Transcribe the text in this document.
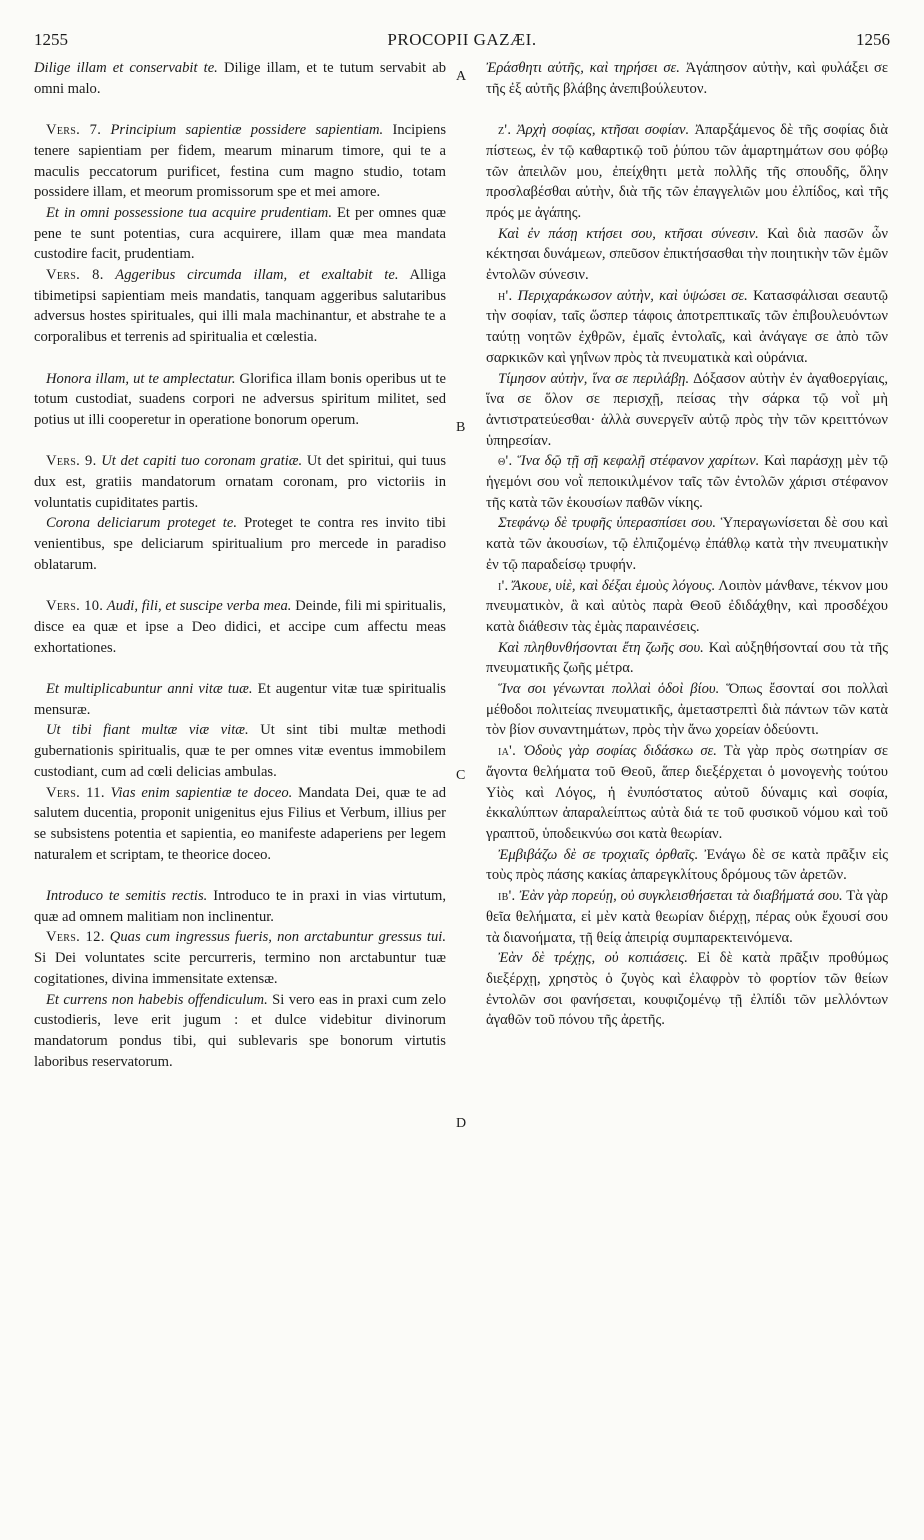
1255	PROCOPII GAZÆI.	1256
A
B
C
D

Dilige illam et conservabit te. Dilige illam, et te tutum servabit ab omni malo.

Vers. 7. Principium sapientiæ possidere sapientiam. Incipiens tenere sapientiam per fidem, mearum minarum timore, qui te a maculis peccatorum purificet, festina cum magno studio, totam possidere illam, et meorum promissorum spe et mei amore.

Et in omni possessione tua acquire prudentiam. Et per omnes quæ pene te sunt potentias, cura acquirere, illam quæ mea mandata custodire facit, prudentiam.

Vers. 8. Aggeribus circumda illam, et exaltabit te. Alliga tibimetipsi sapientiam meis mandatis, tanquam aggeribus salutaribus adversus hostes spirituales, qui illi mala machinantur, et abstrahe te a corporalibus et terrenis ad spiritualia et cœlestia.

Honora illam, ut te amplectatur. Glorifica illam bonis operibus ut te totum custodiat, suadens corpori ne adversus spiritum militet, sed potius ut illi cooperetur in operatione bonorum operum.

Vers. 9. Ut det capiti tuo coronam gratiæ. Ut det spiritui, qui tuus dux est, gratiis mandatorum ornatam coronam, pro victoriis in voluntatis cupiditates partis.

Corona deliciarum proteget te. Proteget te contra res invito tibi venientibus, spe deliciarum spiritualium pro mercede in paradiso oblatarum.

Vers. 10. Audi, fili, et suscipe verba mea. Deinde, fili mi spiritualis, disce ea quæ et ipse a Deo didici, et accipe cum affectu meas exhortationes.

Et multiplicabuntur anni vitæ tuæ. Et augentur vitæ tuæ spiritualis mensuræ.

Ut tibi fiant multæ viæ vitæ. Ut sint tibi multæ methodi gubernationis spiritualis, quæ te per omnes vitæ eventus immobilem custodiant, cum ad cœli delicias ambulas.

Vers. 11. Vias enim sapientiæ te doceo. Mandata Dei, quæ te ad salutem ducentia, proponit unigenitus ejus Filius et Verbum, illius per se subsistens potentia et sapientia, eo manifeste adaperiens per legem naturalem et scriptam, te theorice doceo.

Introduco te semitis rectis. Introduco te in praxi in vias virtutum, quæ ad omnem malitiam non inclinentur.

Vers. 12. Quas cum ingressus fueris, non arctabuntur gressus tui. Si Dei voluntates scite percurreris, termino non arctabuntur tuæ cogitationes, divina immensitate extensæ.

Et currens non habebis offendiculum. Si vero eas in praxi cum zelo custodieris, leve erit jugum : et dulce videbitur divinorum mandatorum pondus tibi, qui sublevaris spe bonorum virtutis laboribus reservatorum.

Ἐράσθητι αὐτῆς, καὶ τηρήσει σε. Ἀγάπησον αὐτὴν, καὶ φυλάξει σε τῆς ἐξ αὐτῆς βλάβης ἀνεπιβούλευτον.

ζ'. Ἀρχὴ σοφίας, κτῆσαι σοφίαν. Ἀπαρξάμενος δὲ τῆς σοφίας διὰ πίστεως, ἐν τῷ καθαρτικῷ τοῦ ῥύπου τῶν ἁμαρτημάτων σου φόβῳ τῶν ἀπειλῶν μου, ἐπείχθητι μετὰ πολλῆς τῆς σπουδῆς, ὅλην προσλαβέσθαι αὐτὴν, διὰ τῆς τῶν ἐπαγγελιῶν μου ἐλπίδος, καὶ τῆς πρός με ἀγάπης.

Καὶ ἐν πάσῃ κτήσει σου, κτῆσαι σύνεσιν. Καὶ διὰ πασῶν ὧν κέκτησαι δυνάμεων, σπεῦσον ἐπικτήσασθαι τὴν ποιητικὴν τῶν ἐμῶν ἐντολῶν σύνεσιν.

η'. Περιχαράκωσον αὐτὴν, καὶ ὑψώσει σε. Κατασφάλισαι σεαυτῷ τὴν σοφίαν, ταῖς ὥσπερ τάφοις ἀποτρεπτικαῖς τῶν ἐπιβουλευόντων ταύτῃ νοητῶν ἐχθρῶν, ἐμαῖς ἐντολαῖς, καὶ ἀνάγαγε σε ἀπὸ τῶν σαρκικῶν καὶ γηΐνων πρὸς τὰ πνευματικὰ καὶ οὐράνια.

Τίμησον αὐτὴν, ἵνα σε περιλάβῃ. Δόξασον αὐτὴν ἐν ἀγαθοεργίαις, ἵνα σε ὅλον σε περισχῇ, πείσας τὴν σάρκα τῷ νοῒ μὴ ἀντιστρατεύεσθαι· ἀλλὰ συνεργεῖν αὐτῷ πρὸς τὴν τῶν κρειττόνων ὑπηρεσίαν.

θ'. Ἵνα δῷ τῇ σῇ κεφαλῇ στέφανον χαρίτων. Καὶ παράσχῃ μὲν τῷ ἡγεμόνι σου νοῒ πεποικιλμένον ταῖς τῶν ἐντολῶν χάρισι στέφανον τῆς κατὰ τῶν ἑκουσίων παθῶν νίκης.

Στεφάνῳ δὲ τρυφῆς ὑπερασπίσει σου. Ὑπεραγωνίσεται δὲ σου καὶ κατὰ τῶν ἀκουσίων, τῷ ἐλπιζομένῳ ἐπάθλῳ κατὰ τὴν πνευματικὴν ἐν τῷ παραδείσῳ τρυφήν.

ι'. Ἄκουε, υἱὲ, καὶ δέξαι ἐμοὺς λόγους. Λοιπὸν μάνθανε, τέκνον μου πνευματικὸν, ἃ καὶ αὐτὸς παρὰ Θεοῦ ἐδιδάχθην, καὶ προσδέχου κατὰ διάθεσιν τὰς ἐμὰς παραινέσεις.

Καὶ πληθυνθήσονται ἔτη ζωῆς σου. Καὶ αὐξηθήσονταί σου τὰ τῆς πνευματικῆς ζωῆς μέτρα.

Ἵνα σοι γένωνται πολλαὶ ὁδοὶ βίου. Ὅπως ἔσονταί σοι πολλαὶ μέθοδοι πολιτείας πνευματικῆς, ἀμεταστρεπτὶ διὰ πάντων τῶν κατὰ τὸν βίον συναντημάτων, πρὸς τὴν ἄνω χορείαν ὁδεύοντι.

ια'. Ὁδοὺς γὰρ σοφίας διδάσκω σε. Τὰ γὰρ πρὸς σωτηρίαν σε ἄγοντα θελήματα τοῦ Θεοῦ, ἅπερ διεξέρχεται ὁ μονογενὴς τούτου Υἱὸς καὶ Λόγος, ἡ ἐνυπόστατος αὐτοῦ δύναμις καὶ σοφία, ἐκκαλύπτων ἀπαραλείπτως αὐτὰ διά τε τοῦ φυσικοῦ νόμου καὶ τοῦ γραπτοῦ, ὑποδεικνύω σοι κατὰ θεωρίαν.

Ἐμβιβάζω δὲ σε τροχιαῖς ὀρθαῖς. Ἐνάγω δὲ σε κατὰ πρᾶξιν εἰς τοὺς πρὸς πάσης κακίας ἀπαρεγκλίτους δρόμους τῶν ἀρετῶν.

ιβ'. Ἐὰν γὰρ πορεύῃ, οὐ συγκλεισθήσεται τὰ διαβήματά σου. Τὰ γὰρ θεῖα θελήματα, εἰ μὲν κατὰ θεωρίαν διέρχῃ, πέρας οὐκ ἔχουσί σου τὰ διανοήματα, τῇ θείᾳ ἀπειρίᾳ συμπαρεκτεινόμενα.

Ἐὰν δὲ τρέχῃς, οὐ κοπιάσεις. Εἰ δὲ κατὰ πρᾶξιν προθύμως διεξέρχῃ, χρηστὸς ὁ ζυγὸς καὶ ἐλαφρὸν τὸ φορτίον τῶν θείων ἐντολῶν σοι φανήσεται, κουφιζομένῳ τῇ ἐλπίδι τῶν μελλόντων ἀγαθῶν τοῦ πόνου τῆς ἀρετῆς.
